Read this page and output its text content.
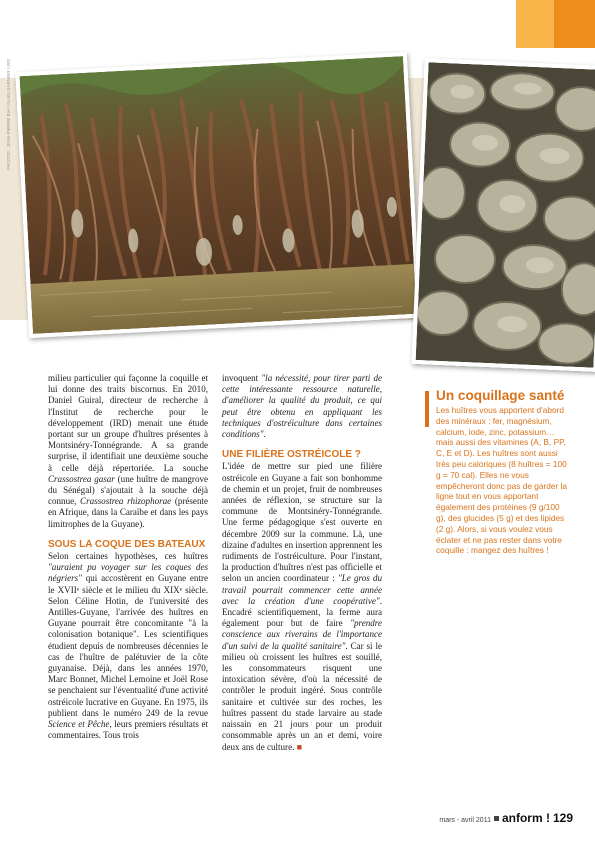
PHOTOS : JEAN-PIERRE BIH / ALAIN GARNIER / IRD

milieu particulier qui façonne la coquille et lui donne des traits biscornus. En 2010, Daniel Guiral, directeur de recherche à l'Institut de recherche pour le développement (IRD) menait une étude portant sur un groupe d'huîtres présentes à Montsinéry-Tonnégrande. A sa grande surprise, il identifiait une deuxième souche à celle déjà répertoriée. La souche Crassostrea gasar (une huître de mangrove du Sénégal) s'ajoutait à la souche déjà connue, Crassostrea rhizophorae (présente en Afrique, dans la Caraïbe et dans les pays limitrophes de la Guyane).

SOUS LA COQUE DES BATEAUX

Selon certaines hypothèses, ces huîtres "auraient pu voyager sur les coques des négriers" qui accostèrent en Guyane entre le XVIIᵉ siècle et le milieu du XIXᵉ siècle. Selon Céline Hotin, de l'université des Antilles-Guyane, l'arrivée des huîtres en Guyane pourrait être concomitante "à la colonisation botanique". Les scientifiques étudient depuis de nombreuses décennies le cas de l'huître de palétuvier de la côte guyanaise. Déjà, dans les années 1970, Marc Bonnet, Michel Lemoine et Joël Rose se penchaient sur l'éventualité d'une activité ostréicole lucrative en Guyane. En 1975, ils publient dans le numéro 249 de la revue Science et Pêche, leurs premiers résultats et commentaires. Tous trois

invoquent "la nécessité, pour tirer parti de cette intéressante ressource naturelle, d'améliorer la qualité du produit, ce qui peut être obtenu en appliquant les techniques d'ostréiculture dans certaines conditions".

UNE FILIÈRE OSTRÉICOLE ?

L'idée de mettre sur pied une filière ostréicole en Guyane a fait son bonhomme de chemin et un projet, fruit de nombreuses années de réflexion, se structure sur la commune de Montsinéry-Tonnégrande. Une ferme pédagogique s'est ouverte en décembre 2009 sur la commune. Là, une dizaine d'adultes en insertion apprennent les rudiments de l'ostréiculture. Pour l'instant, la production d'huîtres n'est pas officielle et selon un ancien coordinateur : "Le gros du travail pourrait commencer cette année avec la création d'une coopérative". Encadré scientifiquement, la ferme aura également pour but de faire "prendre conscience aux riverains de l'importance d'un suivi de la qualité sanitaire". Car si le milieu où croissent les huîtres est souillé, les consommateurs risquent une intoxication sévère, d'où la nécessité de contrôler le produit ingéré. Sous contrôle sanitaire et cultivée sur des roches, les huîtres passent du stade larvaire au stade naissain en 21 jours pour un produit consommable après un an et demi, voire deux ans de culture. ■

Un coquillage santé

Les huîtres vous apportent d'abord des minéraux : fer, magnésium, calcium, iode, zinc, potassium… mais aussi des vitamines (A, B, PP, C, E et D). Les huîtres sont aussi très peu caloriques (8 huîtres = 100 g = 70 cal). Elles ne vous empêcheront donc pas de garder la ligne tout en vous apportant également des protéines (9 g/100 g), des glucides (5 g) et des lipides (2 g). Alors, si vous voulez vous éclater et ne pas rester dans votre coquille : mangez des huîtres !

mars - avril 2011 anform ! 129
